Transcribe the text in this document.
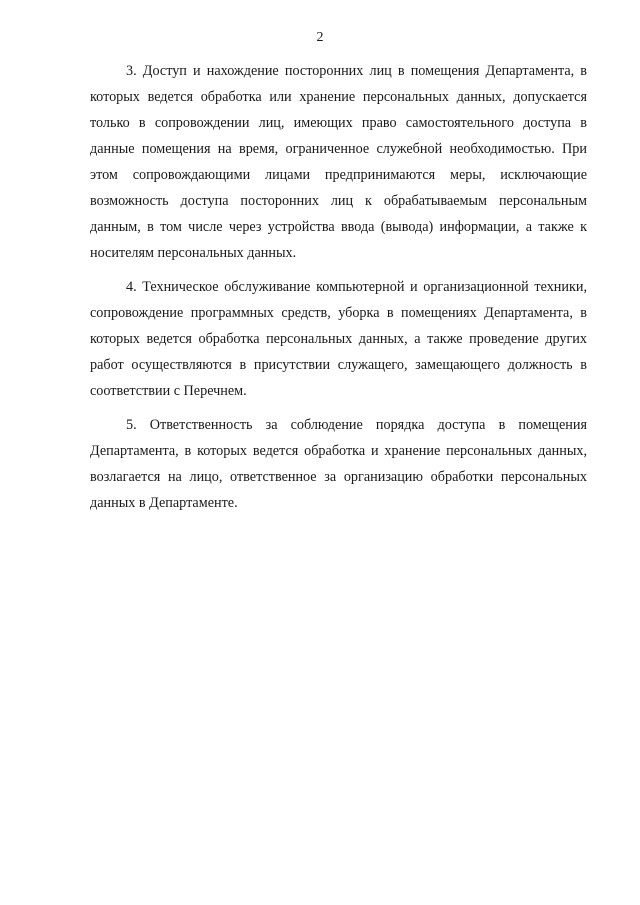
2

3. Доступ и нахождение посторонних лиц в помещения Департамента, в которых ведется обработка или хранение персональных данных, допускается только в сопровождении лиц, имеющих право самостоятельного доступа в данные помещения на время, ограниченное служебной необходимостью. При этом сопровождающими лицами предпринимаются меры, исключающие возможность доступа посторонних лиц к обрабатываемым персональным данным, в том числе через устройства ввода (вывода) информации, а также к носителям персональных данных.

4. Техническое обслуживание компьютерной и организационной техники, сопровождение программных средств, уборка в помещениях Департамента, в которых ведется обработка персональных данных, а также проведение других работ осуществляются в присутствии служащего, замещающего должность в соответствии с Перечнем.

5. Ответственность за соблюдение порядка доступа в помещения Департамента, в которых ведется обработка и хранение персональных данных, возлагается на лицо, ответственное за организацию обработки персональных данных в Департаменте.
